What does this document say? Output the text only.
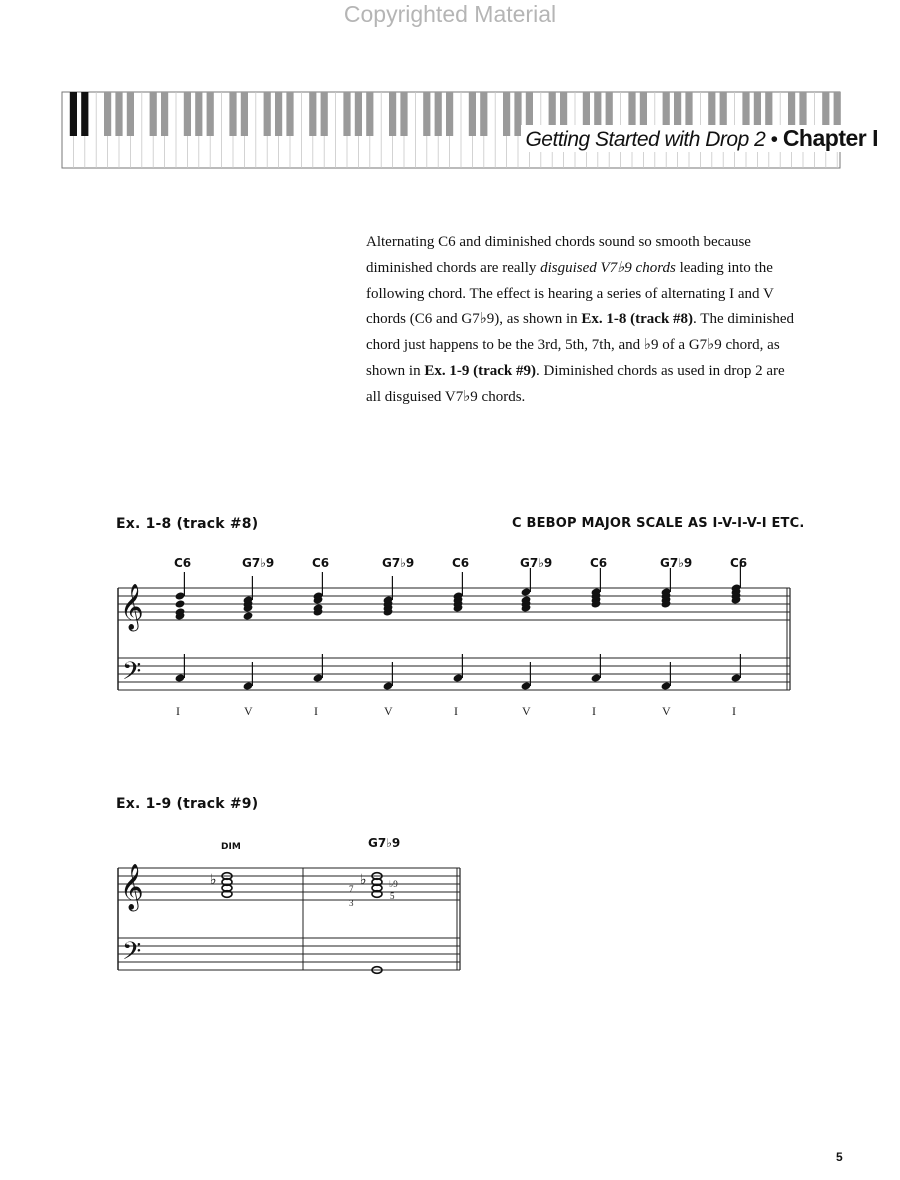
Copyrighted Material
Getting Started with Drop 2 • Chapter I

Alternating C6 and diminished chords sound so smooth because diminished chords are really disguised V7♭9 chords leading into the following chord. The effect is hearing a series of alternating I and V chords (C6 and G7♭9), as shown in Ex. 1-8 (track #8). The diminished chord just happens to be the 3rd, 5th, 7th, and ♭9 of a G7♭9 chord, as shown in Ex. 1-9 (track #9). Diminished chords as used in drop 2 are all disguised V7♭9 chords.

Ex. 1-8 (track #8)	C BEBOP MAJOR SCALE AS I-V-I-V-I ETC.
C6	G7♭9	C6	G7♭9	C6	G7♭9	C6	G7♭9	C6
I	V	I	V	I	V	I	V	I
𝄞
𝄢
𝄞
𝄢
♭	♭
Ex. 1-9 (track #9)
DIM	G7♭9
7
3
♭9
5
5
